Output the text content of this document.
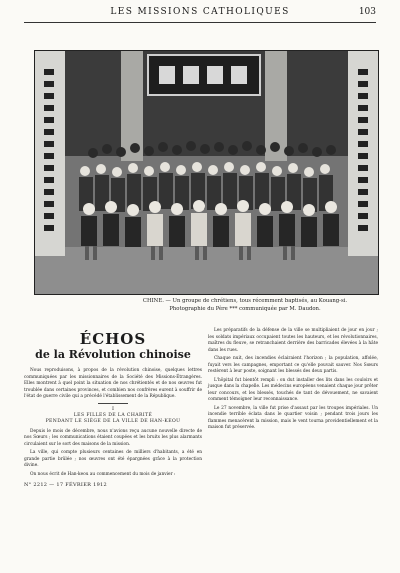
LES MISSIONS CATHOLIQUES	103
CHINE. — Un groupe de chrétiens, tous récemment baptisés, au Kouang-si.
Photographie du Père *** communiquée par M. Daudon.
ÉCHOS
de la Révolution chinoise

Nous reproduisons, à propos de la révolution chinoise, quelques lettres communiquées par les missionnaires de la Société des Missions-Étrangères. Elles montrent à quel point la situation de nos chrétientés et de nos œuvres fut troublée dans certaines provinces, et combien nos confrères eurent à souffrir de l'état de guerre civile qui a précédé l'établissement de la République.

I
LES FILLES DE LA CHARITÉ
PENDANT LE SIÈGE DE LA VILLE DE HAN-KEOU

Depuis le mois de décembre, nous n'avions reçu aucune nouvelle directe de nos Sœurs ; les communications étaient coupées et les bruits les plus alarmants circulaient sur le sort des maisons de la mission.

La ville, qui compte plusieurs centaines de milliers d'habitants, a été en grande partie brûlée ; nos œuvres ont été épargnées grâce à la protection divine.

On nous écrit de Han-keou au commencement du mois de janvier :

N° 2212 — 17 FÉVRIER 1912

Les préparatifs de la défense de la ville se multipliaient de jour en jour ; les soldats impériaux occupaient toutes les hauteurs, et les révolutionnaires, maîtres du fleuve, se retranchaient derrière des barricades élevées à la hâte dans les rues.

Chaque nuit, des incendies éclairaient l'horizon ; la population, affolée, fuyait vers les campagnes, emportant ce qu'elle pouvait sauver. Nos Sœurs restèrent à leur poste, soignant les blessés des deux partis.

L'hôpital fut bientôt rempli : on dut installer des lits dans les couloirs et jusque dans la chapelle. Les médecins européens venaient chaque jour prêter leur concours, et les blessés, touchés de tant de dévouement, ne savaient comment témoigner leur reconnaissance.

Le 27 novembre, la ville fut prise d'assaut par les troupes impériales. Un incendie terrible éclata dans le quartier voisin ; pendant trois jours les flammes menacèrent la mission, mais le vent tourna providentiellement et la maison fut préservée.
